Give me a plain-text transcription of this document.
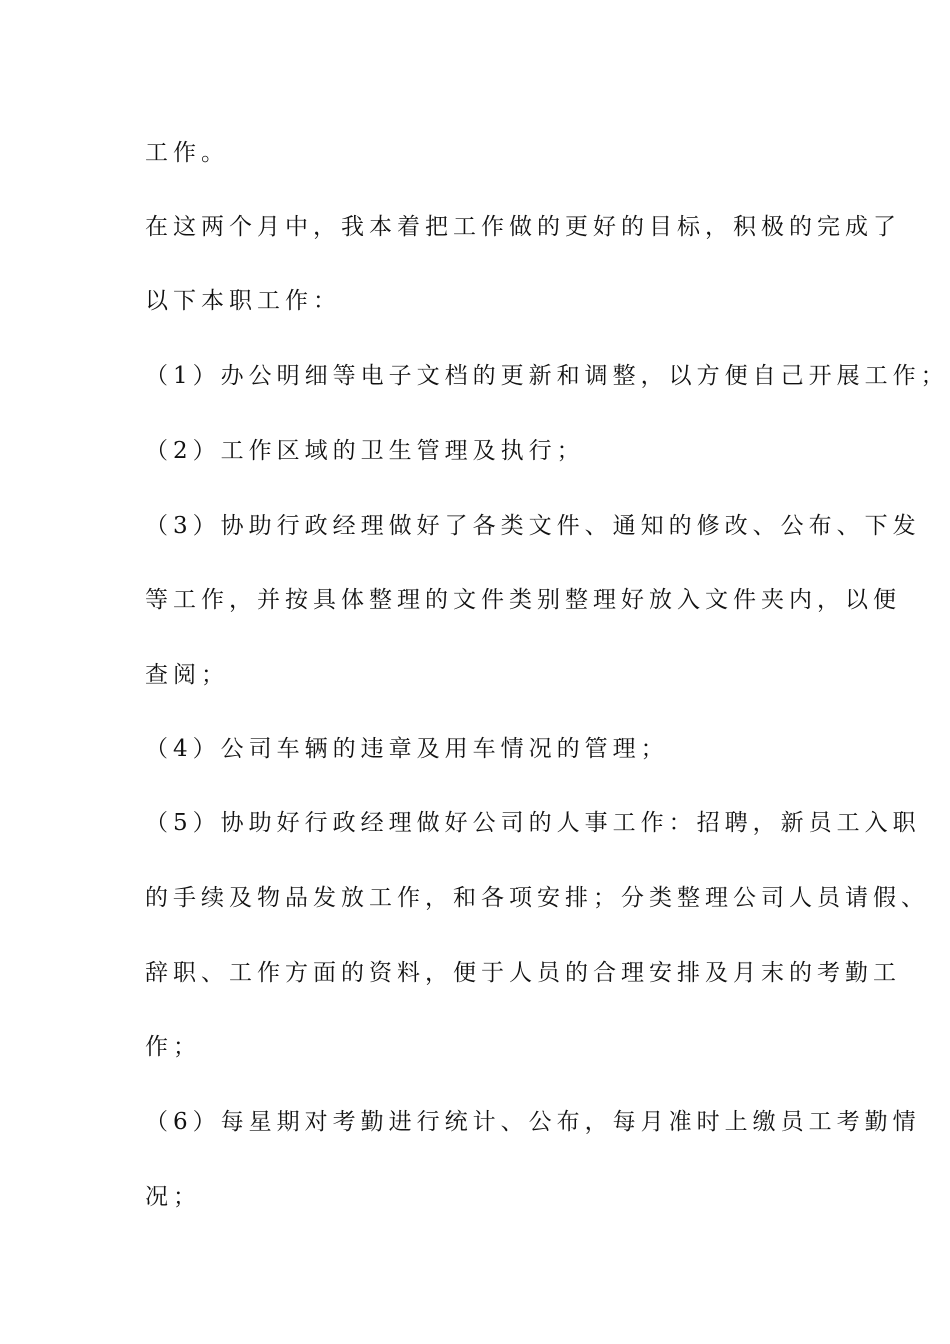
工作。
在这两个月中，我本着把工作做的更好的目标，积极的完成了
以下本职工作：
（1）办公明细等电子文档的更新和调整，以方便自己开展工作；
（2）工作区域的卫生管理及执行；
（3）协助行政经理做好了各类文件、通知的修改、公布、下发
等工作，并按具体整理的文件类别整理好放入文件夹内，以便
查阅；
（4）公司车辆的违章及用车情况的管理；
（5）协助好行政经理做好公司的人事工作：招聘，新员工入职
的手续及物品发放工作，和各项安排；分类整理公司人员请假、
辞职、工作方面的资料，便于人员的合理安排及月末的考勤工
作；
（6）每星期对考勤进行统计、公布，每月准时上缴员工考勤情
况；
